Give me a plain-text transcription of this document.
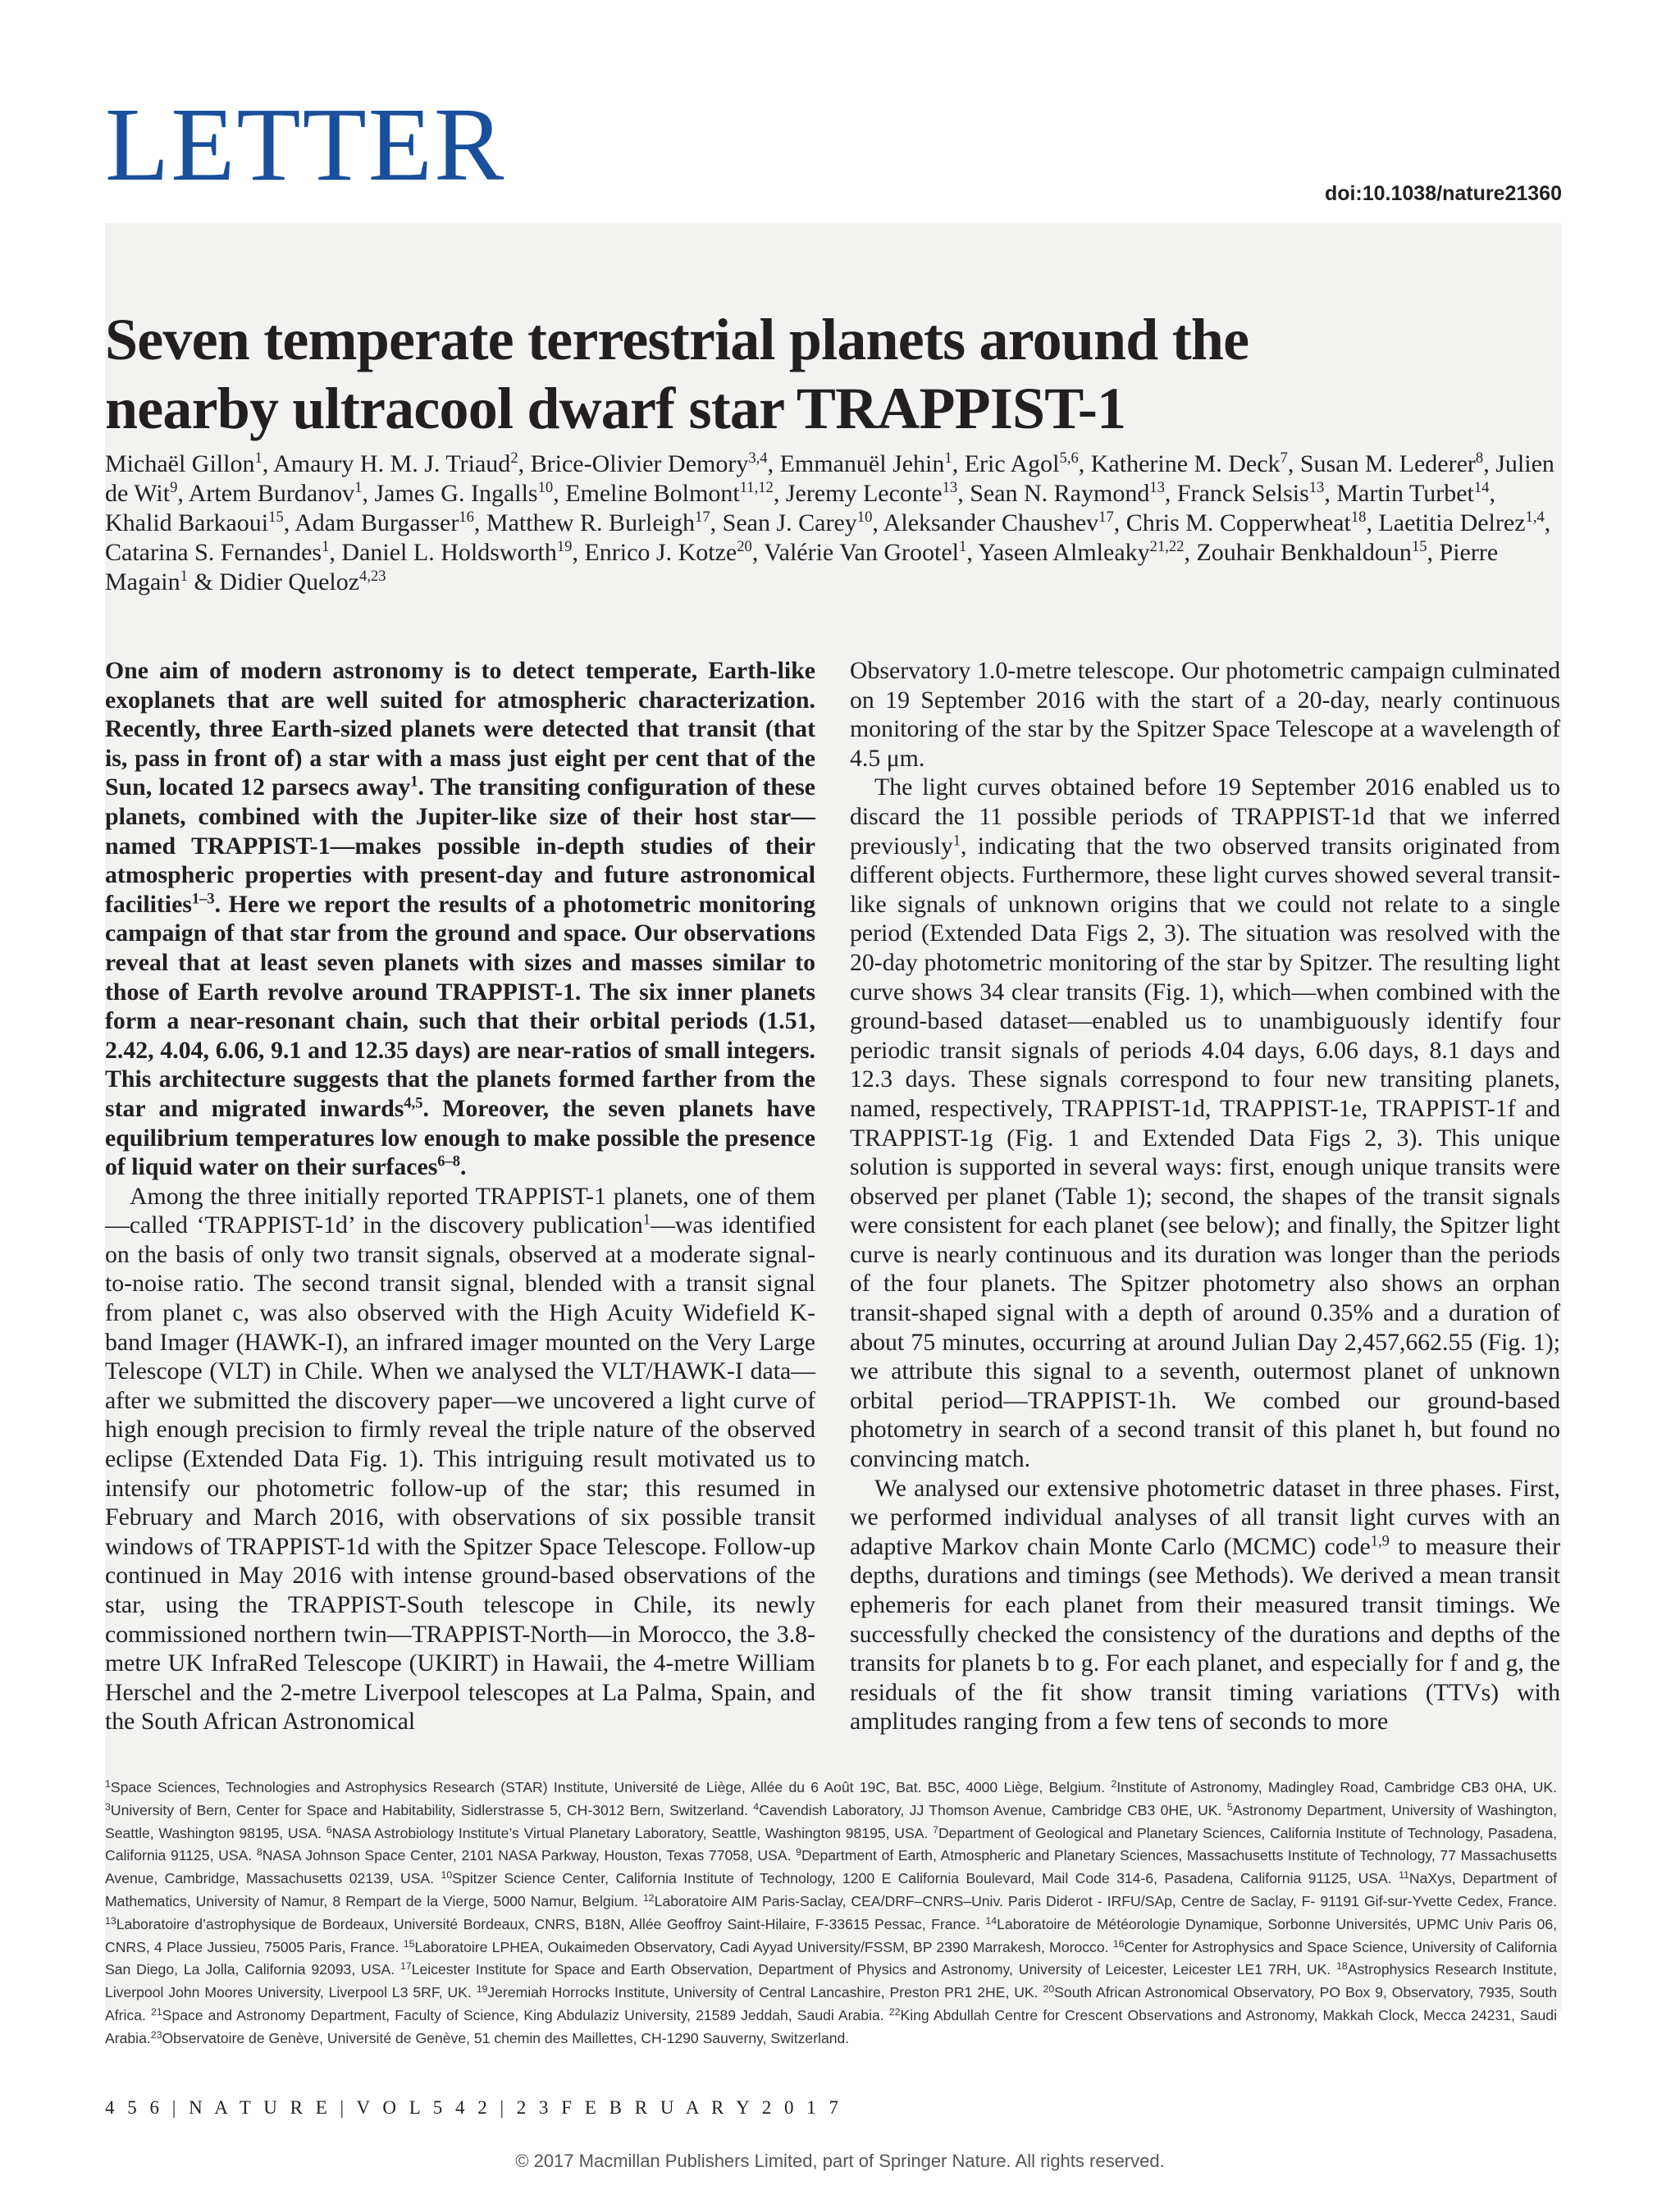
LETTER	doi:10.1038/nature21360
Seven temperate terrestrial planets around the
nearby ultracool dwarf star TRAPPIST-1
Michaël Gillon$^1$, Amaury H. M. J. Triaud$^2$, Brice-Olivier Demory$^{3,4}$, Emmanuël Jehin$^1$, Eric Agol$^{5,6}$, Katherine M. Deck$^7$, Susan M. Lederer$^8$, Julien de Wit$^9$, Artem Burdanov$^1$, James G. Ingalls$^{10}$, Emeline Bolmont$^{11,12}$, Jeremy Leconte$^{13}$, Sean N. Raymond$^{13}$, Franck Selsis$^{13}$, Martin Turbet$^{14}$, Khalid Barkaoui$^{15}$, Adam Burgasser$^{16}$, Matthew R. Burleigh$^{17}$, Sean J. Carey$^{10}$, Aleksander Chaushev$^{17}$, Chris M. Copperwheat$^{18}$, Laetitia Delrez$^{1,4}$, Catarina S. Fernandes$^1$, Daniel L. Holdsworth$^{19}$, Enrico J. Kotze$^{20}$, Valérie Van Grootel$^1$, Yaseen Almleaky$^{21,22}$, Zouhair Benkhaldoun$^{15}$, Pierre Magain$^1$ & Didier Queloz$^{4,23}$

One aim of modern astronomy is to detect temperate, Earth-like exoplanets that are well suited for atmospheric characterization. Recently, three Earth-sized planets were detected that transit (that is, pass in front of) a star with a mass just eight per cent that of the Sun, located 12 parsecs away$^1$. The transiting configuration of these planets, combined with the Jupiter-like size of their host star—named TRAPPIST-1—makes possible in-depth studies of their atmospheric properties with present-day and future astronomical facilities$^{1-3}$. Here we report the results of a photometric monitoring campaign of that star from the ground and space. Our observations reveal that at least seven planets with sizes and masses similar to those of Earth revolve around TRAPPIST-1. The six inner planets form a near-resonant chain, such that their orbital periods (1.51, 2.42, 4.04, 6.06, 9.1 and 12.35 days) are near-ratios of small integers. This architecture suggests that the planets formed farther from the star and migrated inwards$^{4,5}$. Moreover, the seven planets have equilibrium temperatures low enough to make possible the presence of liquid water on their surfaces$^{6-8}$.

Among the three initially reported TRAPPIST-1 planets, one of them—called ‘TRAPPIST-1d’ in the discovery publication$^1$—was identified on the basis of only two transit signals, observed at a moderate signal-to-noise ratio. The second transit signal, blended with a transit signal from planet c, was also observed with the High Acuity Widefield K-band Imager (HAWK-I), an infrared imager mounted on the Very Large Telescope (VLT) in Chile. When we analysed the VLT/HAWK-I data—after we submitted the discovery paper—we uncovered a light curve of high enough precision to firmly reveal the triple nature of the observed eclipse (Extended Data Fig. 1). This intriguing result motivated us to intensify our photometric follow-up of the star; this resumed in February and March 2016, with observations of six possible transit windows of TRAPPIST-1d with the Spitzer Space Telescope. Follow-up continued in May 2016 with intense ground-based observations of the star, using the TRAPPIST-South telescope in Chile, its newly commissioned northern twin—TRAPPIST-North—in Morocco, the 3.8-metre UK InfraRed Telescope (UKIRT) in Hawaii, the 4-metre William Herschel and the 2-metre Liverpool telescopes at La Palma, Spain, and the South African Astronomical

Observatory 1.0-metre telescope. Our photometric campaign culminated on 19 September 2016 with the start of a 20-day, nearly continuous monitoring of the star by the Spitzer Space Telescope at a wavelength of 4.5 μm.

The light curves obtained before 19 September 2016 enabled us to discard the 11 possible periods of TRAPPIST-1d that we inferred previously$^1$, indicating that the two observed transits originated from different objects. Furthermore, these light curves showed several transit-like signals of unknown origins that we could not relate to a single period (Extended Data Figs 2, 3). The situation was resolved with the 20-day photometric monitoring of the star by Spitzer. The resulting light curve shows 34 clear transits (Fig. 1), which—when combined with the ground-based dataset—enabled us to unambiguously identify four periodic transit signals of periods 4.04 days, 6.06 days, 8.1 days and 12.3 days. These signals correspond to four new transiting planets, named, respectively, TRAPPIST-1d, TRAPPIST-1e, TRAPPIST-1f and TRAPPIST-1g (Fig. 1 and Extended Data Figs 2, 3). This unique solution is supported in several ways: first, enough unique transits were observed per planet (Table 1); second, the shapes of the transit signals were consistent for each planet (see below); and finally, the Spitzer light curve is nearly continuous and its duration was longer than the periods of the four planets. The Spitzer photometry also shows an orphan transit-shaped signal with a depth of around 0.35% and a duration of about 75 minutes, occurring at around Julian Day 2,457,662.55 (Fig. 1); we attribute this signal to a seventh, outermost planet of unknown orbital period—TRAPPIST-1h. We combed our ground-based photometry in search of a second transit of this planet h, but found no convincing match.

We analysed our extensive photometric dataset in three phases. First, we performed individual analyses of all transit light curves with an adaptive Markov chain Monte Carlo (MCMC) code$^{1,9}$ to measure their depths, durations and timings (see Methods). We derived a mean transit ephemeris for each planet from their measured transit timings. We successfully checked the consistency of the durations and depths of the transits for planets b to g. For each planet, and especially for f and g, the residuals of the fit show transit timing variations (TTVs) with amplitudes ranging from a few tens of seconds to more

$^1$Space Sciences, Technologies and Astrophysics Research (STAR) Institute, Université de Liège, Allée du 6 Août 19C, Bat. B5C, 4000 Liège, Belgium. $^2$Institute of Astronomy, Madingley Road, Cambridge CB3 0HA, UK. $^3$University of Bern, Center for Space and Habitability, Sidlerstrasse 5, CH-3012 Bern, Switzerland. $^4$Cavendish Laboratory, JJ Thomson Avenue, Cambridge CB3 0HE, UK. $^5$Astronomy Department, University of Washington, Seattle, Washington 98195, USA. $^6$NASA Astrobiology Institute’s Virtual Planetary Laboratory, Seattle, Washington 98195, USA. $^7$Department of Geological and Planetary Sciences, California Institute of Technology, Pasadena, California 91125, USA. $^8$NASA Johnson Space Center, 2101 NASA Parkway, Houston, Texas 77058, USA. $^9$Department of Earth, Atmospheric and Planetary Sciences, Massachusetts Institute of Technology, 77 Massachusetts Avenue, Cambridge, Massachusetts 02139, USA. $^{10}$Spitzer Science Center, California Institute of Technology, 1200 E California Boulevard, Mail Code 314-6, Pasadena, California 91125, USA. $^{11}$NaXys, Department of Mathematics, University of Namur, 8 Rempart de la Vierge, 5000 Namur, Belgium. $^{12}$Laboratoire AIM Paris-Saclay, CEA/DRF–CNRS–Univ. Paris Diderot - IRFU/SAp, Centre de Saclay, F- 91191 Gif-sur-Yvette Cedex, France. $^{13}$Laboratoire d’astrophysique de Bordeaux, Université Bordeaux, CNRS, B18N, Allée Geoffroy Saint-Hilaire, F-33615 Pessac, France. $^{14}$Laboratoire de Météorologie Dynamique, Sorbonne Universités, UPMC Univ Paris 06, CNRS, 4 Place Jussieu, 75005 Paris, France. $^{15}$Laboratoire LPHEA, Oukaimeden Observatory, Cadi Ayyad University/FSSM, BP 2390 Marrakesh, Morocco. $^{16}$Center for Astrophysics and Space Science, University of California San Diego, La Jolla, California 92093, USA. $^{17}$Leicester Institute for Space and Earth Observation, Department of Physics and Astronomy, University of Leicester, Leicester LE1 7RH, UK. $^{18}$Astrophysics Research Institute, Liverpool John Moores University, Liverpool L3 5RF, UK. $^{19}$Jeremiah Horrocks Institute, University of Central Lancashire, Preston PR1 2HE, UK. $^{20}$South African Astronomical Observatory, PO Box 9, Observatory, 7935, South Africa. $^{21}$Space and Astronomy Department, Faculty of Science, King Abdulaziz University, 21589 Jeddah, Saudi Arabia. $^{22}$King Abdullah Centre for Crescent Observations and Astronomy, Makkah Clock, Mecca 24231, Saudi Arabia.$^{23}$Observatoire de Genève, Université de Genève, 51 chemin des Maillettes, CH-1290 Sauverny, Switzerland.
4 5 6 | N A T U R E | V O L 5 4 2 | 2 3 F E B R U A R Y 2 0 1 7
© 2017 Macmillan Publishers Limited, part of Springer Nature. All rights reserved.
